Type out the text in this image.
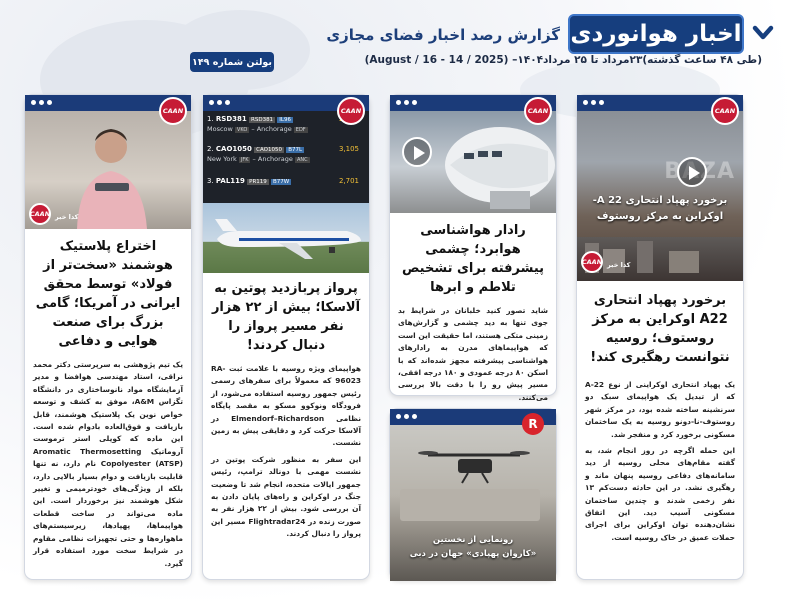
اخبار هوانوردی
گزارش رصد اخبار فضای مجازی
(طی ۴۸ ساعت گذشته)۲۳مرداد تا ۲۵ مرداد۱۴۰۴– (2025 / August / 16 - 14)
بولتن شماره ۱۴۹
CAAN
BAZA
برخورد پهپاد انتحاری A 22-
اوکراین به مرکز روستوف
CAAN کدا خبر
برخورد پهپاد انتحاری A22 اوکراین به مرکز روستوف؛ روسیه نتوانست رهگیری کند!

یک پهپاد انتحاری اوکراینی از نوع A-22 که از تبدیل یک هواپیمای سبک دو سرنشینه ساخته شده بود، در مرکز شهر روستوف-نا-دونو روسیه به یک ساختمان مسکونی برخورد کرد و منفجر شد.

این حمله اگرچه در روز انجام شد، به گفته مقام‌های محلی روسیه از دید سامانه‌های دفاعی روسیه پنهان ماند و رهگیری نشد. در این حادثه دست‌کم ۱۳ نفر زخمی شدند و چندین ساختمان مسکونی آسیب دید. این اتفاق نشان‌دهنده توان اوکراین برای اجرای حملات عمیق در خاک روسیه است.

CAAN
رادار هواشناسی هوابرد؛ چشمی پیشرفته برای تشخیص تلاطم و ابرها

شاید تصور کنید خلبانان در شرایط بد جوی تنها به دید چشمی و گزارش‌های زمینی متکی هستند، اما حقیقت این است که هواپیماهای مدرن به رادارهای هواشناسی پیشرفته مجهز شده‌اند که با اسکن ۸۰ درجه عمودی و ۱۸۰ درجه افقی، مسیر پیش رو را با دقت بالا بررسی می‌کنند.

R
رونمایی از نخستین
«کاروان پهپادی» جهان در دبی
CAAN
1. RSD381 RSD381 IL96
Moscow VKO – Anchorage EDF
2. CAO1050 CAO1050 B77L	3,105
New York JFK – Anchorage ANC
3. PAL119 PR119 B77W	2,701
پرواز پربازدید پوتین به آلاسکا؛ بیش از ۲۲ هزار نفر مسیر پرواز را دنبال کردند!

هواپیمای ویژه روسیه با علامت ثبت RA-96023 که معمولاً برای سفرهای رسمی رئیس جمهور روسیه استفاده می‌شود، از فرودگاه ونوکوو مسکو به مقصد پایگاه نظامی Elmendorf–Richardson در آلاسکا حرکت کرد و دقایقی پیش به زمین نشست.

این سفر به منظور شرکت پوتین در نشست مهمی با دونالد ترامپ، رئیس جمهور ایالات متحده، انجام شد تا وضعیت جنگ در اوکراین و راه‌های پایان دادن به آن بررسی شود. بیش از ۲۲ هزار نفر به صورت زنده در Flightradar24 مسیر این پرواز را دنبال کردند.

CAAN
CAAN کدا خبر
اختراع پلاستیک هوشمند «سخت‌تر از فولاد» توسط محقق ایرانی در آمریکا؛ گامی بزرگ برای صنعت هوایی و دفاعی

یک تیم پژوهشی به سرپرستی دکتر محمد نراقی، استاد مهندسی هوافضا و مدیر آزمایشگاه مواد نانوساختاری در دانشگاه تگزاس A&M، موفق به کشف و توسعه خواص نوین یک پلاستیک هوشمند، قابل بازیافت و فوق‌العاده بادوام شده است. این ماده که کوپلی استر ترموست آروماتیک Aromatic Thermosetting Copolyester (ATSP) نام دارد، نه تنها قابلیت بازیافت و دوام بسیار بالایی دارد، بلکه از ویژگی‌های خودترمیمی و تغییر شکل هوشمند نیز برخوردار است. این ماده می‌تواند در ساخت قطعات هواپیماها، پهپادها، زیرسیستم‌های ماهواره‌ها و حتی تجهیزات نظامی مقاوم در شرایط سخت مورد استفاده قرار گیرد.
